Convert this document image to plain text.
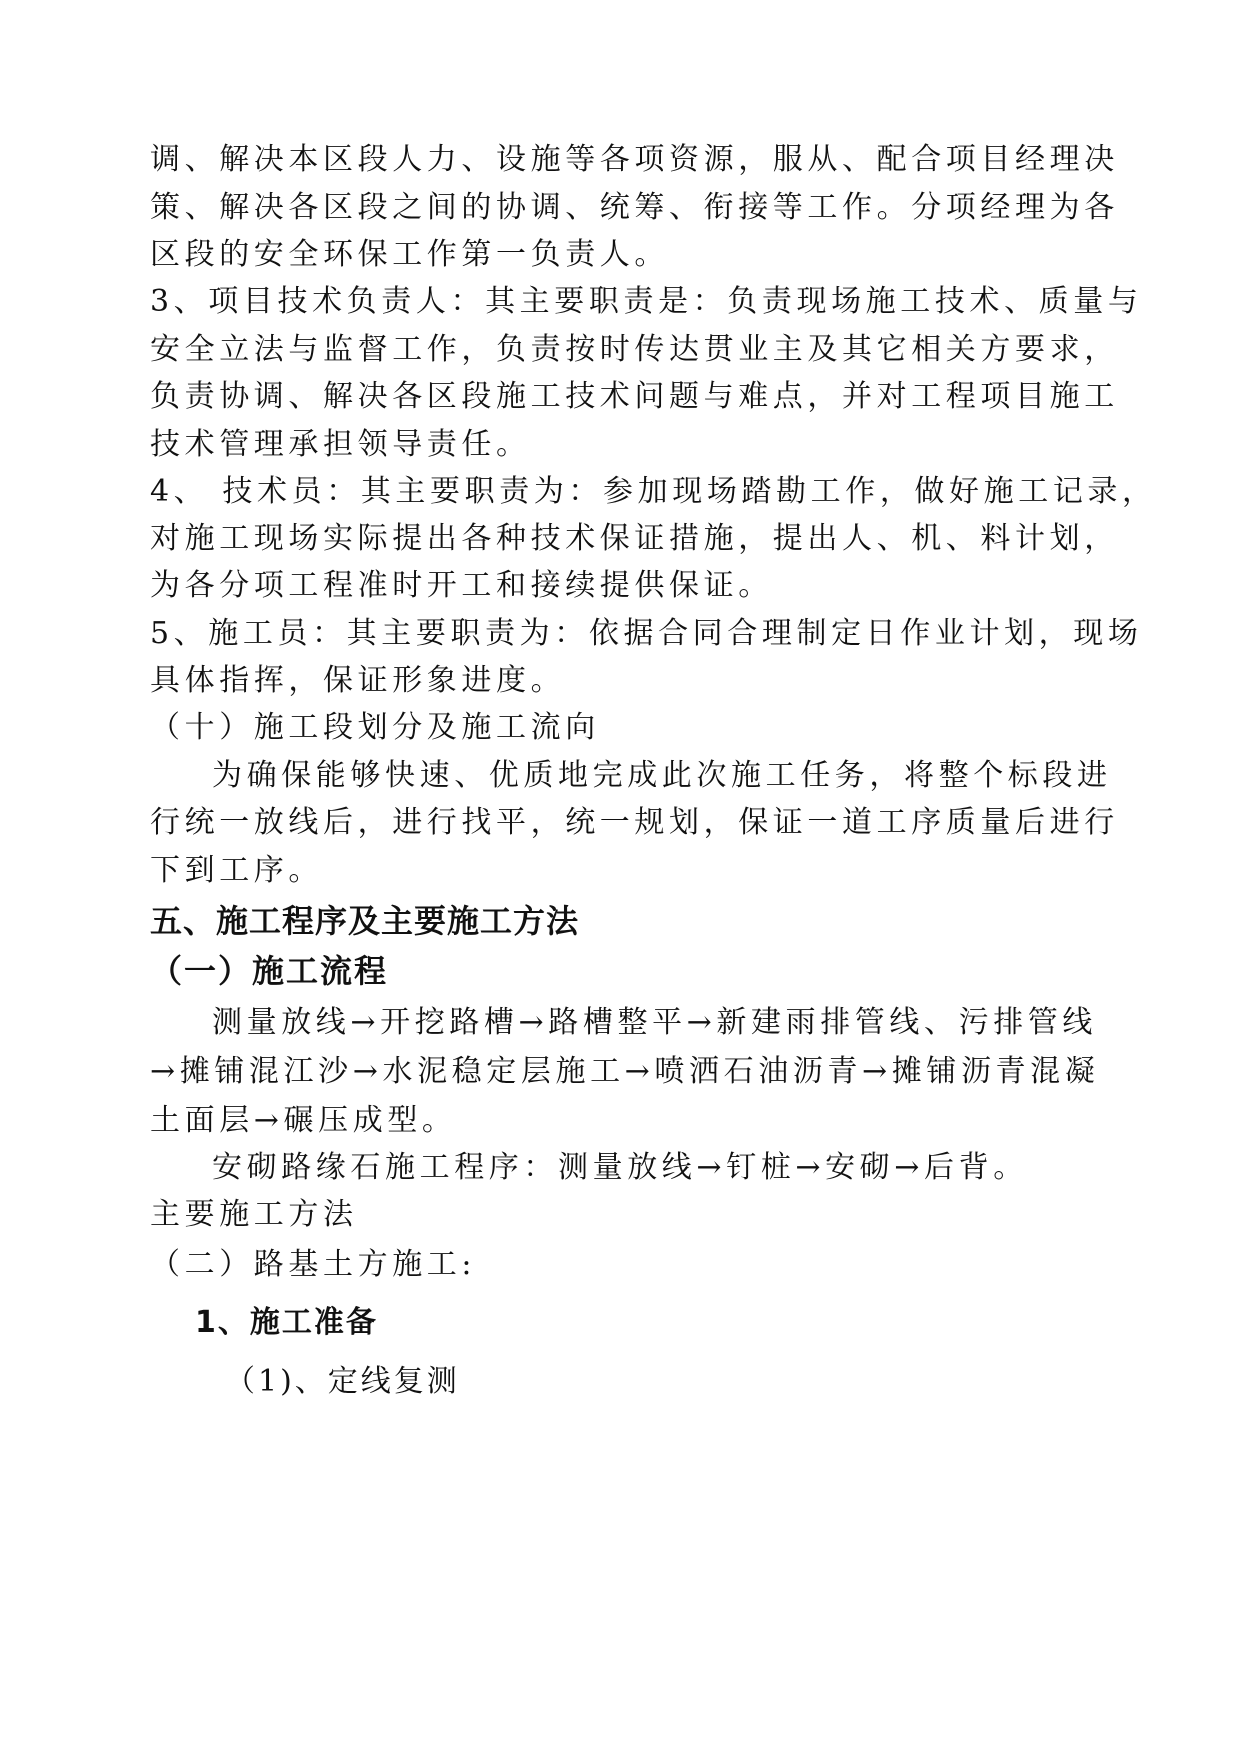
调、解决本区段人力、设施等各项资源，服从、配合项目经理决
策、解决各区段之间的协调、统筹、衔接等工作。分项经理为各
区段的安全环保工作第一负责人。
3、项目技术负责人：其主要职责是：负责现场施工技术、质量与
安全立法与监督工作，负责按时传达贯业主及其它相关方要求，
负责协调、解决各区段施工技术问题与难点，并对工程项目施工
技术管理承担领导责任。
4、 技术员：其主要职责为：参加现场踏勘工作，做好施工记录，
对施工现场实际提出各种技术保证措施，提出人、机、料计划，
为各分项工程准时开工和接续提供保证。
5、施工员：其主要职责为：依据合同合理制定日作业计划，现场
具体指挥，保证形象进度。
（十）施工段划分及施工流向
为确保能够快速、优质地完成此次施工任务，将整个标段进
行统一放线后，进行找平，统一规划，保证一道工序质量后进行
下到工序。
五、施工程序及主要施工方法
（一）施工流程
测量放线→开挖路槽→路槽整平→新建雨排管线、污排管线
→摊铺混江沙→水泥稳定层施工→喷洒石油沥青→摊铺沥青混凝
土面层→碾压成型。
安砌路缘石施工程序：测量放线→钉桩→安砌→后背。
主要施工方法
（二）路基土方施工:
1、施工准备
（1)、定线复测
